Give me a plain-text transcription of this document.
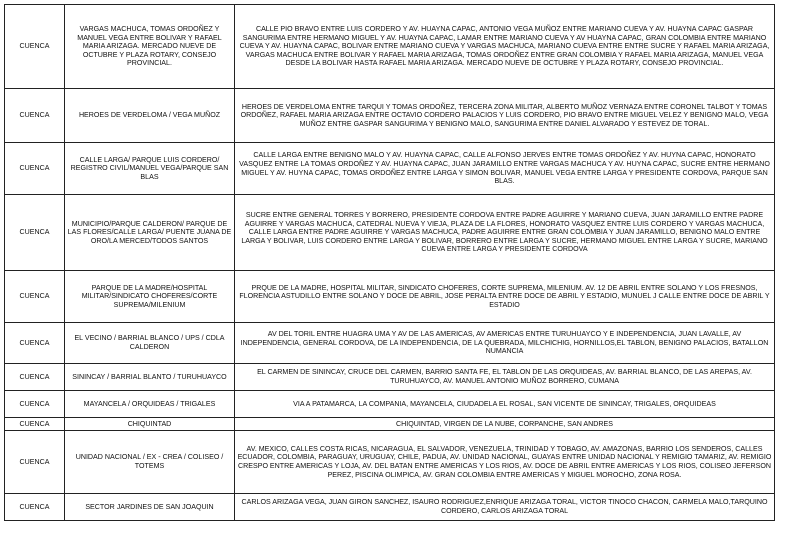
CUENCA	VARGAS MACHUCA, TOMAS ORDOÑEZ Y MANUEL VEGA ENTRE BOLIVAR Y RAFAEL MARIA ARIZAGA. MERCADO NUEVE DE OCTUBRE Y PLAZA ROTARY, CONSEJO PROVINCIAL.	CALLE PIO BRAVO ENTRE LUIS CORDERO Y AV. HUAYNA CAPAC, ANTONIO VEGA MUÑOZ ENTRE MARIANO CUEVA Y AV. HUAYNA CAPAC GASPAR SANGURIMA ENTRE HERMANO MIGUEL Y AV. HUAYNA CAPAC, LAMAR ENTRE MARIANO CUEVA Y AV HUAYNA CAPAC, GRAN COLOMBIA ENTRE MARIANO CUEVA Y AV. HUAYNA CAPAC, BOLIVAR ENTRE MARIANO CUEVA Y VARGAS MACHUCA, MARIANO CUEVA ENTRE ENTRE SUCRE Y RAFAEL MARIA ARIZAGA, VARGAS MACHUCA ENTRE BOLIVAR Y RAFAEL MARIA ARIZAGA, TOMAS ORDOÑEZ ENTRE GRAN COLOMBIA Y RAFAEL MARIA ARIZAGA, MANUEL VEGA DESDE LA BOLIVAR HASTA RAFAEL MARIA ARIZAGA. MERCADO NUEVE DE OCTUBRE Y PLAZA ROTARY, CONSEJO PROVINCIAL.
CUENCA	HEROES DE VERDELOMA / VEGA MUÑOZ	HEROES DE VERDELOMA ENTRE TARQUI Y TOMAS ORDOÑEZ, TERCERA ZONA MILITAR, ALBERTO MUÑOZ VERNAZA ENTRE CORONEL TALBOT Y TOMAS ORDOÑEZ, RAFAEL MARIA ARIZAGA ENTRE OCTAVIO CORDERO PALACIOS Y LUIS CORDERO, PIO BRAVO ENTRE MIGUEL VELEZ Y BENIGNO MALO, VEGA MUÑOZ ENTRE GASPAR SANGURIMA Y BENIGNO MALO, SANGURIMA ENTRE DANIEL ALVARADO Y ESTEVEZ DE TORAL.
CUENCA	CALLE LARGA/ PARQUE LUIS CORDERO/ REGISTRO CIVIL/MANUEL VEGA/PARQUE SAN BLAS	CALLE LARGA ENTRE BENIGNO MALO Y AV. HUAYNA CAPAC, CALLE ALFONSO JERVES ENTRE TOMAS ORDOÑEZ Y AV. HUYNA CAPAC, HONORATO VASQUEZ ENTRE LA TOMAS ORDOÑEZ Y AV. HUAYNA CAPAC, JUAN JARAMILLO ENTRE VARGAS MACHUCA Y AV. HUYNA CAPAC, SUCRE ENTRE HERMANO MIGUEL Y AV. HUYNA CAPAC, TOMAS ORDOÑEZ ENTRE LARGA Y SIMON BOLIVAR, MANUEL VEGA ENTRE LARGA Y PRESIDENTE CORDOVA, PARQUE SAN BLAS.
CUENCA	MUNICIPIO/PARQUE CALDERON/ PARQUE DE LAS FLORES/CALLE LARGA/ PUENTE JUANA DE ORO/LA MERCED/TODOS SANTOS	SUCRE ENTRE GENERAL TORRES Y BORRERO, PRESIDENTE CORDOVA ENTRE PADRE AGUIRRE Y MARIANO CUEVA, JUAN JARAMILLO ENTRE PADRE AGUIRRE Y VARGAS MACHUCA, CATEDRAL NUEVA Y VIEJA, PLAZA DE LA FLORES, HONORATO VASQUEZ ENTRE LUIS CORDERO Y VARGAS MACHUCA, CALLE LARGA ENTRE PADRE AGUIRRE Y VARGAS MACHUCA, PADRE AGUIRRE ENTRE GRAN COLOMBIA Y JUAN JARAMILLO, BENIGNO MALO ENTRE LARGA Y BOLIVAR, LUIS CORDERO ENTRE LARGA Y BOLIVAR, BORRERO ENTRE LARGA Y SUCRE, HERMANO MIGUEL ENTRE LARGA Y SUCRE, MARIANO CUEVA ENTRE LARGA Y PRESIDENTE CORDOVA
CUENCA	PARQUE DE LA MADRE/HOSPITAL MILITAR/SINDICATO CHOFERES/CORTE SUPREMA/MILENIUM	PRQUE DE LA MADRE, HOSPITAL MILITAR, SINDICATO CHOFERES, CORTE SUPREMA, MILENIUM. AV. 12 DE ABRIL ENTRE SOLANO Y LOS FRESNOS, FLORENCIA ASTUDILLO ENTRE SOLANO Y DOCE DE ABRIL, JOSE PERALTA ENTRE DOCE DE ABRIL Y ESTADIO, MUNUEL J CALLE ENTRE DOCE DE ABRIL Y ESTADIO
CUENCA	EL VECINO / BARRIAL BLANCO / UPS / CDLA CALDERON	AV DEL TORIL ENTRE HUAGRA UMA Y AV DE LAS AMERICAS, AV AMERICAS ENTRE TURUHUAYCO Y E INDEPENDENCIA, JUAN LAVALLE, AV INDEPENDENCIA, GENERAL CORDOVA, DE LA INDEPENDENCIA, DE LA QUEBRADA, MILCHICHIG, HORNILLOS,EL TABLON, BENIGNO PALACIOS, BATALLON NUMANCIA
CUENCA	SININCAY / BARRIAL BLANTO / TURUHUAYCO	EL CARMEN DE SININCAY, CRUCE DEL CARMEN, BARRIO SANTA FE, EL TABLON DE LAS ORQUIDEAS, AV. BARRIAL BLANCO, DE LAS AREPAS, AV. TURUHUAYCO, AV. MANUEL ANTONIO MUÑOZ BORRERO, CUMANA
CUENCA	MAYANCELA / ORQUIDEAS / TRIGALES	VIA A PATAMARCA, LA COMPANIA, MAYANCELA, CIUDADELA EL ROSAL, SAN VICENTE DE SININCAY, TRIGALES, ORQUIDEAS
CUENCA	CHIQUINTAD	CHIQUINTAD, VIRGEN DE LA NUBE, CORPANCHE, SAN ANDRES
CUENCA	UNIDAD NACIONAL / EX - CREA / COLISEO / TOTEMS	AV. MEXICO, CALLES COSTA RICAS, NICARAGUA, EL SALVADOR, VENEZUELA, TRINIDAD Y TOBAGO, AV. AMAZONAS, BARRIO LOS SENDEROS, CALLES ECUADOR, COLOMBIA, PARAGUAY, URUGUAY, CHILE, PADUA, AV. UNIDAD NACIONAL, GUAYAS ENTRE UNIDAD NACIONAL Y REMIGIO TAMARIZ, AV. REMIGIO CRESPO ENTRE AMERICAS Y LOJA, AV. DEL BATAN ENTRE AMERICAS Y LOS RIOS, AV. DOCE DE ABRIL ENTRE AMERICAS Y LOS RIOS, COLISEO JEFERSON PEREZ, PISCINA OLIMPICA, AV. GRAN COLOMBIA ENTRE AMERICAS Y MIGUEL MOROCHO, ZONA ROSA.
CUENCA	SECTOR JARDINES DE SAN JOAQUIN	CARLOS ARIZAGA VEGA, JUAN GIRON SANCHEZ, ISAURO RODRIGUEZ,ENRIQUE ARIZAGA TORAL, VICTOR TINOCO CHACON, CARMELA MALO,TARQUINO CORDERO, CARLOS ARIZAGA TORAL
